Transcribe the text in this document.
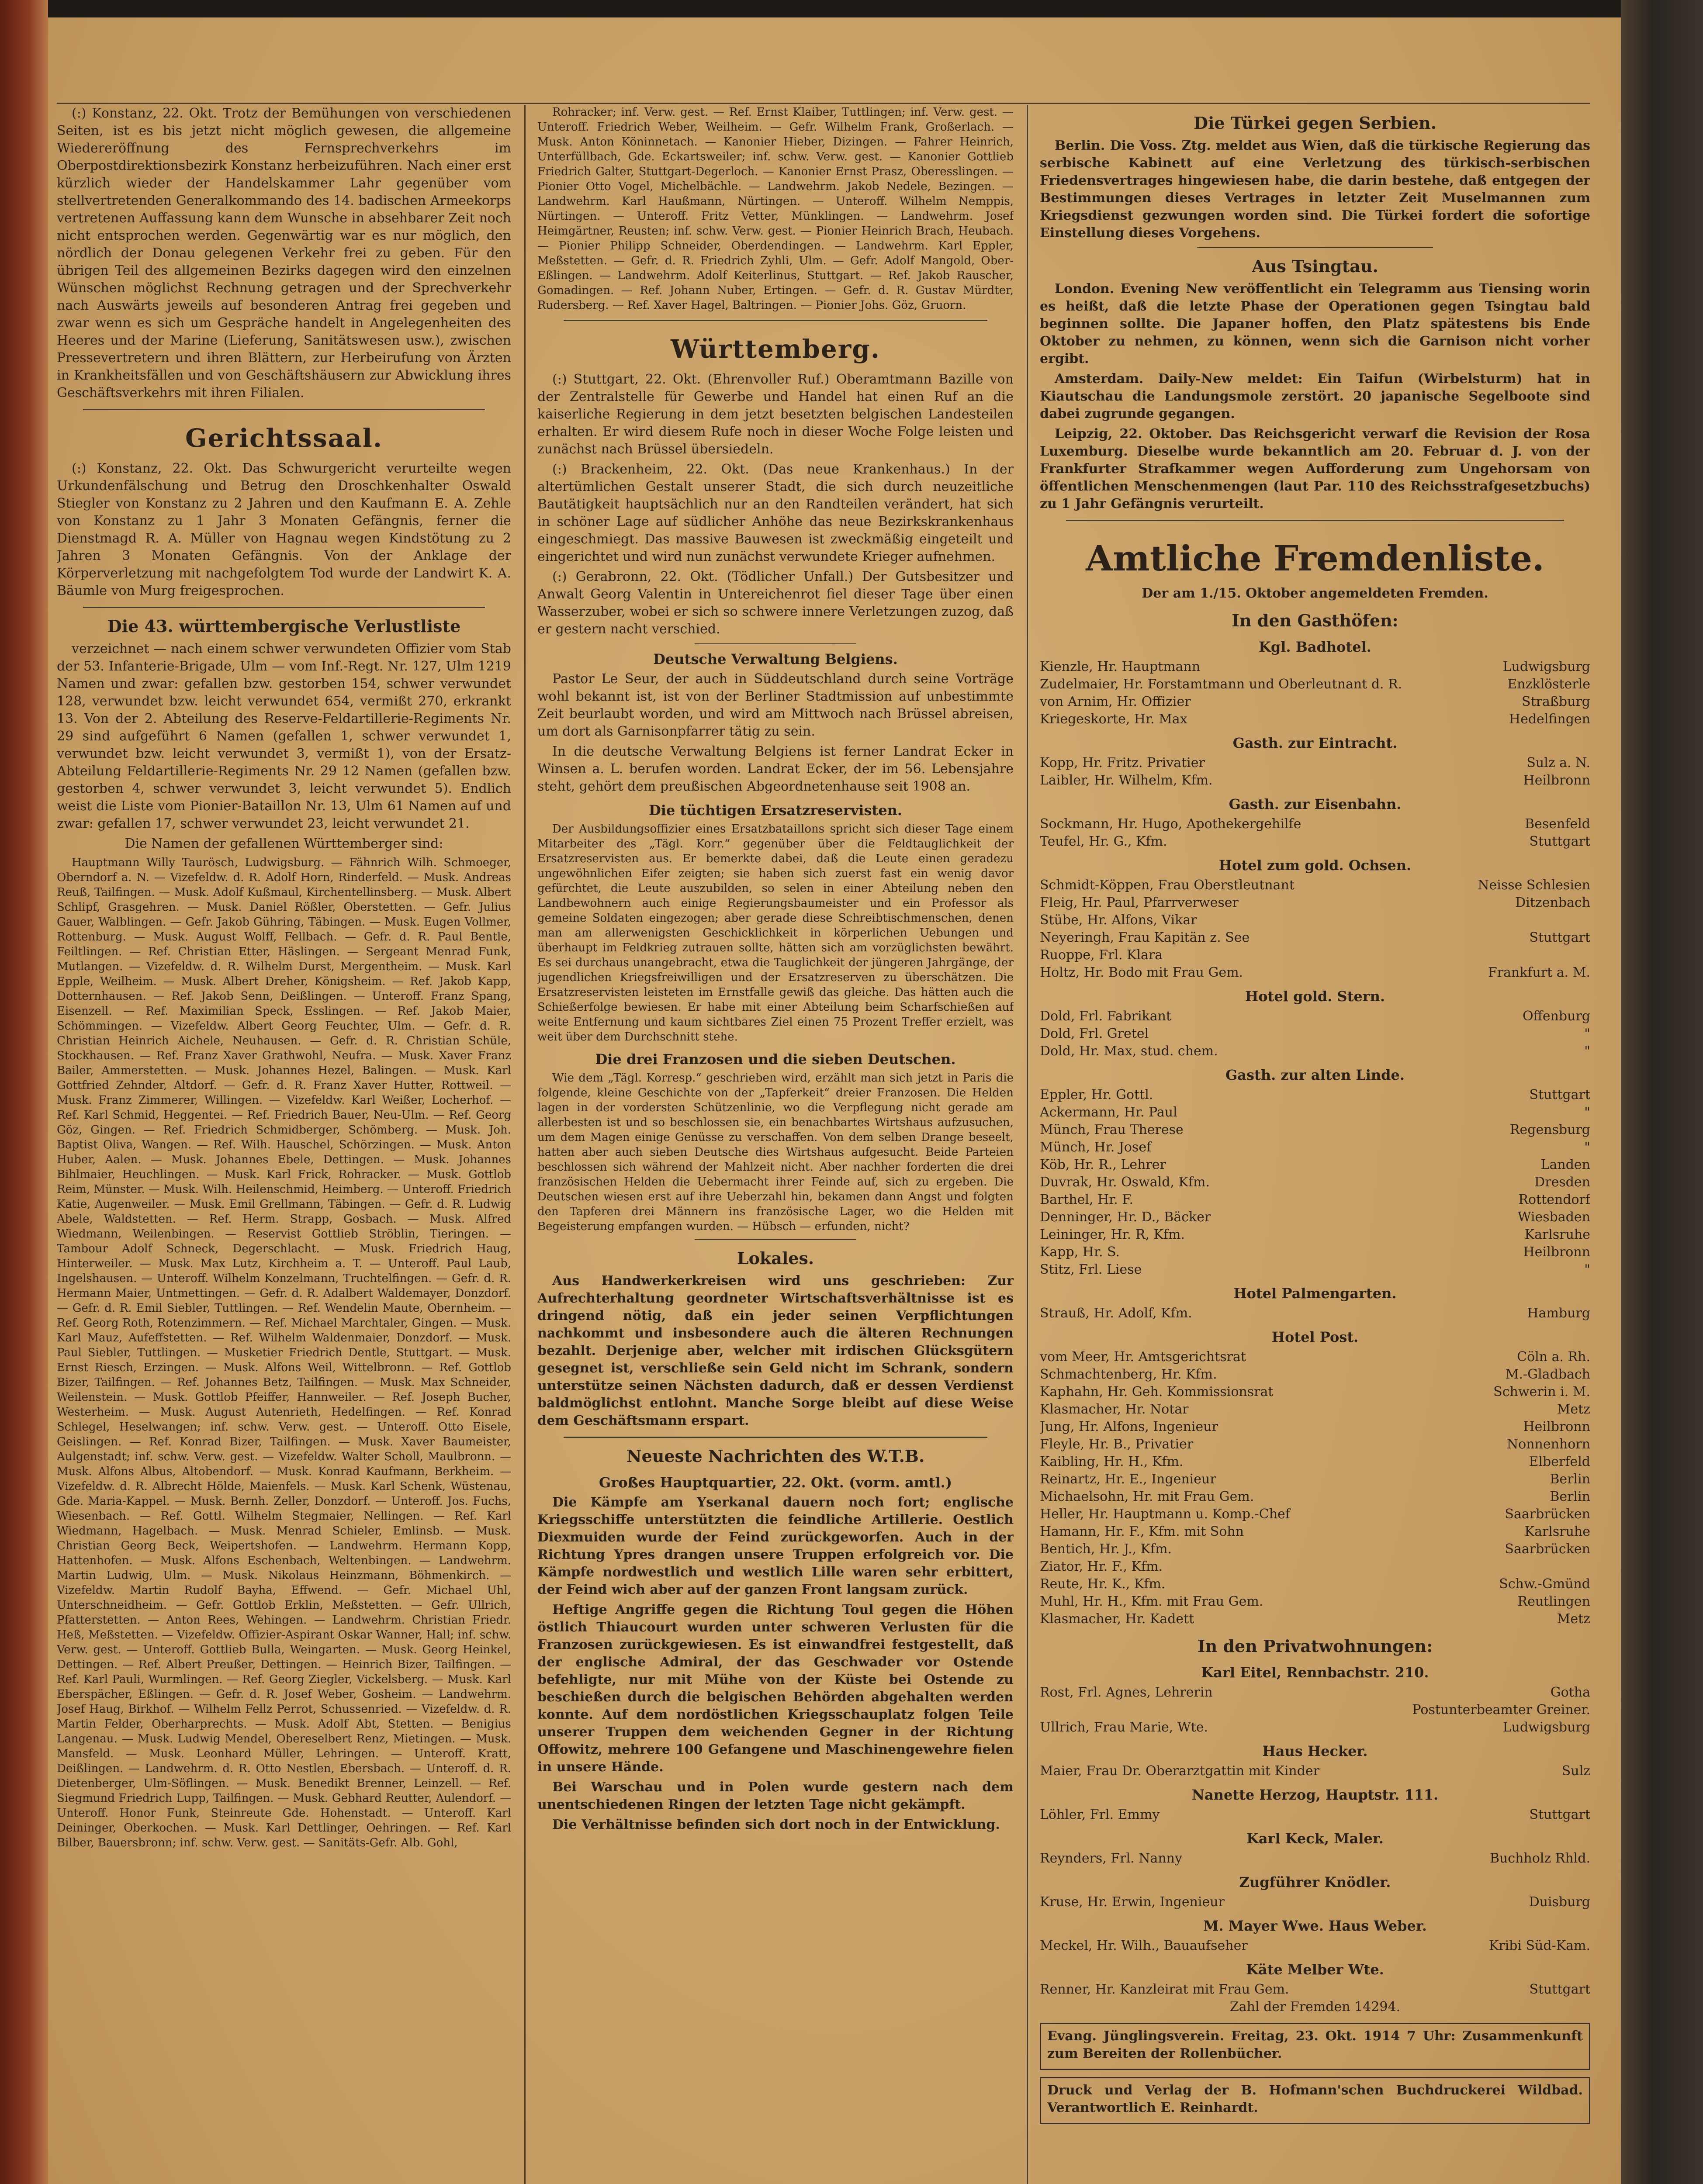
(:) Konstanz, 22. Okt. Trotz der Bemühungen von verschiedenen Seiten, ist es bis jetzt nicht möglich gewesen, die allgemeine Wiedereröffnung des Fernsprechverkehrs im Oberpostdirektionsbezirk Konstanz herbeizuführen. Nach einer erst kürzlich wieder der Handelskammer Lahr gegenüber vom stellvertretenden Generalkommando des 14. badischen Armeekorps vertretenen Auffassung kann dem Wunsche in absehbarer Zeit noch nicht entsprochen werden. Gegenwärtig war es nur möglich, den nördlich der Donau gelegenen Verkehr frei zu geben. Für den übrigen Teil des allgemeinen Bezirks dagegen wird den einzelnen Wünschen möglichst Rechnung getragen und der Sprechverkehr nach Auswärts jeweils auf besonderen Antrag frei gegeben und zwar wenn es sich um Gespräche handelt in Angelegenheiten des Heeres und der Marine (Lieferung, Sanitätswesen usw.), zwischen Pressevertretern und ihren Blättern, zur Herbeirufung von Ärzten in Krankheitsfällen und von Geschäftshäusern zur Abwicklung ihres Geschäftsverkehrs mit ihren Filialen.

Gerichtssaal.

(:) Konstanz, 22. Okt. Das Schwurgericht verurteilte wegen Urkundenfälschung und Betrug den Droschkenhalter Oswald Stiegler von Konstanz zu 2 Jahren und den Kaufmann E. A. Zehle von Konstanz zu 1 Jahr 3 Monaten Gefängnis, ferner die Dienstmagd R. A. Müller von Hagnau wegen Kindstötung zu 2 Jahren 3 Monaten Gefängnis. Von der Anklage der Körperverletzung mit nachgefolgtem Tod wurde der Landwirt K. A. Bäumle von Murg freigesprochen.

Die 43. württembergische Verlustliste

verzeichnet — nach einem schwer verwundeten Offizier vom Stab der 53. Infanterie-Brigade, Ulm — vom Inf.-Regt. Nr. 127, Ulm 1219 Namen und zwar: gefallen bzw. gestorben 154, schwer verwundet 128, verwundet bzw. leicht verwundet 654, vermißt 270, erkrankt 13. Von der 2. Abteilung des Reserve-Feldartillerie-Regiments Nr. 29 sind aufgeführt 6 Namen (gefallen 1, schwer verwundet 1, verwundet bzw. leicht verwundet 3, vermißt 1), von der Ersatz-Abteilung Feldartillerie-Regiments Nr. 29 12 Namen (gefallen bzw. gestorben 4, schwer verwundet 3, leicht verwundet 5). Endlich weist die Liste vom Pionier-Bataillon Nr. 13, Ulm 61 Namen auf und zwar: gefallen 17, schwer verwundet 23, leicht verwundet 21.

Die Namen der gefallenen Württemberger sind:

Hauptmann Willy Taurösch, Ludwigsburg. — Fähnrich Wilh. Schmoeger, Oberndorf a. N. — Vizefeldw. d. R. Adolf Horn, Rinderfeld. — Musk. Andreas Reuß, Tailfingen. — Musk. Adolf Kußmaul, Kirchentellinsberg. — Musk. Albert Schlipf, Grasgehren. — Musk. Daniel Rößler, Oberstetten. — Gefr. Julius Gauer, Walblingen. — Gefr. Jakob Gühring, Täbingen. — Musk. Eugen Vollmer, Rottenburg. — Musk. August Wolff, Fellbach. — Gefr. d. R. Paul Bentle, Feiltlingen. — Ref. Christian Etter, Häslingen. — Sergeant Menrad Funk, Mutlangen. — Vizefeldw. d. R. Wilhelm Durst, Mergentheim. — Musk. Karl Epple, Weilheim. — Musk. Albert Dreher, Königsheim. — Ref. Jakob Kapp, Dotternhausen. — Ref. Jakob Senn, Deißlingen. — Unteroff. Franz Spang, Eisenzell. — Ref. Maximilian Speck, Esslingen. — Ref. Jakob Maier, Schömmingen. — Vizefeldw. Albert Georg Feuchter, Ulm. — Gefr. d. R. Christian Heinrich Aichele, Neuhausen. — Gefr. d. R. Christian Schüle, Stockhausen. — Ref. Franz Xaver Grathwohl, Neufra. — Musk. Xaver Franz Bailer, Ammerstetten. — Musk. Johannes Hezel, Balingen. — Musk. Karl Gottfried Zehnder, Altdorf. — Gefr. d. R. Franz Xaver Hutter, Rottweil. — Musk. Franz Zimmerer, Willingen. — Vizefeldw. Karl Weißer, Locherhof. — Ref. Karl Schmid, Heggentei. — Ref. Friedrich Bauer, Neu-Ulm. — Ref. Georg Göz, Gingen. — Ref. Friedrich Schmidberger, Schömberg. — Musk. Joh. Baptist Oliva, Wangen. — Ref. Wilh. Hauschel, Schörzingen. — Musk. Anton Huber, Aalen. — Musk. Johannes Ebele, Dettingen. — Musk. Johannes Bihlmaier, Heuchlingen. — Musk. Karl Frick, Rohracker. — Musk. Gottlob Reim, Münster. — Musk. Wilh. Heilenschmid, Heimberg. — Unteroff. Friedrich Katie, Augenweiler. — Musk. Emil Grellmann, Täbingen. — Gefr. d. R. Ludwig Abele, Waldstetten. — Ref. Herm. Strapp, Gosbach. — Musk. Alfred Wiedmann, Weilenbingen. — Reservist Gottlieb Ströblin, Tieringen. — Tambour Adolf Schneck, Degerschlacht. — Musk. Friedrich Haug, Hinterweiler. — Musk. Max Lutz, Kirchheim a. T. — Unteroff. Paul Laub, Ingelshausen. — Unteroff. Wilhelm Konzelmann, Truchtelfingen. — Gefr. d. R. Hermann Maier, Untmettingen. — Gefr. d. R. Adalbert Waldemayer, Donzdorf. — Gefr. d. R. Emil Siebler, Tuttlingen. — Ref. Wendelin Maute, Obernheim. — Ref. Georg Roth, Rotenzimmern. — Ref. Michael Marchtaler, Gingen. — Musk. Karl Mauz, Aufeffstetten. — Ref. Wilhelm Waldenmaier, Donzdorf. — Musk. Paul Siebler, Tuttlingen. — Musketier Friedrich Dentle, Stuttgart. — Musk. Ernst Riesch, Erzingen. — Musk. Alfons Weil, Wittelbronn. — Ref. Gottlob Bizer, Tailfingen. — Ref. Johannes Betz, Tailfingen. — Musk. Max Schneider, Weilenstein. — Musk. Gottlob Pfeiffer, Hannweiler. — Ref. Joseph Bucher, Westerheim. — Musk. August Autenrieth, Hedelfingen. — Ref. Konrad Schlegel, Heselwangen; inf. schw. Verw. gest. — Unteroff. Otto Eisele, Geislingen. — Ref. Konrad Bizer, Tailfingen. — Musk. Xaver Baumeister, Aulgenstadt; inf. schw. Verw. gest. — Vizefeldw. Walter Scholl, Maulbronn. — Musk. Alfons Albus, Altobendorf. — Musk. Konrad Kaufmann, Berkheim. — Vizefeldw. d. R. Albrecht Hölde, Maienfels. — Musk. Karl Schenk, Wüstenau, Gde. Maria-Kappel. — Musk. Bernh. Zeller, Donzdorf. — Unteroff. Jos. Fuchs, Wiesenbach. — Ref. Gottl. Wilhelm Stegmaier, Nellingen. — Ref. Karl Wiedmann, Hagelbach. — Musk. Menrad Schieler, Emlinsb. — Musk. Christian Georg Beck, Weipertshofen. — Landwehrm. Hermann Kopp, Hattenhofen. — Musk. Alfons Eschenbach, Weltenbingen. — Landwehrm. Martin Ludwig, Ulm. — Musk. Nikolaus Heinzmann, Böhmenkirch. — Vizefeldw. Martin Rudolf Bayha, Effwend. — Gefr. Michael Uhl, Unterschneidheim. — Gefr. Gottlob Erklin, Meßstetten. — Gefr. Ullrich, Pfatterstetten. — Anton Rees, Wehingen. — Landwehrm. Christian Friedr. Heß, Meßstetten. — Vizefeldw. Offizier-Aspirant Oskar Wanner, Hall; inf. schw. Verw. gest. — Unteroff. Gottlieb Bulla, Weingarten. — Musk. Georg Heinkel, Dettingen. — Ref. Albert Preußer, Dettingen. — Heinrich Bizer, Tailfingen. — Ref. Karl Pauli, Wurmlingen. — Ref. Georg Ziegler, Vickelsberg. — Musk. Karl Eberspächer, Eßlingen. — Gefr. d. R. Josef Weber, Gosheim. — Landwehrm. Josef Haug, Birkhof. — Wilhelm Fellz Perrot, Schussenried. — Vizefeldw. d. R. Martin Felder, Oberharprechts. — Musk. Adolf Abt, Stetten. — Benigius Langenau. — Musk. Ludwig Mendel, Obereselbert Renz, Mietingen. — Musk. Mansfeld. — Musk. Leonhard Müller, Lehringen. — Unteroff. Kratt, Deißlingen. — Landwehrm. d. R. Otto Nestlen, Ebersbach. — Unteroff. d. R. Dietenberger, Ulm-Söflingen. — Musk. Benedikt Brenner, Leinzell. — Ref. Siegmund Friedrich Lupp, Tailfingen. — Musk. Gebhard Reutter, Aulendorf. — Unteroff. Honor Funk, Steinreute Gde. Hohenstadt. — Unteroff. Karl Deininger, Oberkochen. — Musk. Karl Dettlinger, Oehringen. — Ref. Karl Bilber, Bauersbronn; inf. schw. Verw. gest. — Sanitäts-Gefr. Alb. Gohl,

Rohracker; inf. Verw. gest. — Ref. Ernst Klaiber, Tuttlingen; inf. Verw. gest. — Unteroff. Friedrich Weber, Weilheim. — Gefr. Wilhelm Frank, Großerlach. — Musk. Anton Köninnetach. — Kanonier Hieber, Dizingen. — Fahrer Heinrich, Unterfüllbach, Gde. Eckartsweiler; inf. schw. Verw. gest. — Kanonier Gottlieb Friedrich Galter, Stuttgart-Degerloch. — Kanonier Ernst Prasz, Oberesslingen. — Pionier Otto Vogel, Michelbächle. — Landwehrm. Jakob Nedele, Bezingen. — Landwehrm. Karl Haußmann, Nürtingen. — Unteroff. Wilhelm Nemppis, Nürtingen. — Unteroff. Fritz Vetter, Münklingen. — Landwehrm. Josef Heimgärtner, Reusten; inf. schw. Verw. gest. — Pionier Heinrich Brach, Heubach. — Pionier Philipp Schneider, Oberdendingen. — Landwehrm. Karl Eppler, Meßstetten. — Gefr. d. R. Friedrich Zyhli, Ulm. — Gefr. Adolf Mangold, Ober-Eßlingen. — Landwehrm. Adolf Keiterlinus, Stuttgart. — Ref. Jakob Rauscher, Gomadingen. — Ref. Johann Nuber, Ertingen. — Gefr. d. R. Gustav Mürdter, Rudersberg. — Ref. Xaver Hagel, Baltringen. — Pionier Johs. Göz, Gruorn.

Württemberg.

(:) Stuttgart, 22. Okt. (Ehrenvoller Ruf.) Oberamtmann Bazille von der Zentralstelle für Gewerbe und Handel hat einen Ruf an die kaiserliche Regierung in dem jetzt besetzten belgischen Landesteilen erhalten. Er wird diesem Rufe noch in dieser Woche Folge leisten und zunächst nach Brüssel übersiedeln.

(:) Brackenheim, 22. Okt. (Das neue Krankenhaus.) In der altertümlichen Gestalt unserer Stadt, die sich durch neuzeitliche Bautätigkeit hauptsächlich nur an den Randteilen verändert, hat sich in schöner Lage auf südlicher Anhöhe das neue Bezirkskrankenhaus eingeschmiegt. Das massive Bauwesen ist zweckmäßig eingeteilt und eingerichtet und wird nun zunächst verwundete Krieger aufnehmen.

(:) Gerabronn, 22. Okt. (Tödlicher Unfall.) Der Gutsbesitzer und Anwalt Georg Valentin in Untereichenrot fiel dieser Tage über einen Wasserzuber, wobei er sich so schwere innere Verletzungen zuzog, daß er gestern nacht verschied.

Deutsche Verwaltung Belgiens.

Pastor Le Seur, der auch in Süddeutschland durch seine Vorträge wohl bekannt ist, ist von der Berliner Stadtmission auf unbestimmte Zeit beurlaubt worden, und wird am Mittwoch nach Brüssel abreisen, um dort als Garnisonpfarrer tätig zu sein.

In die deutsche Verwaltung Belgiens ist ferner Landrat Ecker in Winsen a. L. berufen worden. Landrat Ecker, der im 56. Lebensjahre steht, gehört dem preußischen Abgeordnetenhause seit 1908 an.

Die tüchtigen Ersatzreservisten.

Der Ausbildungsoffizier eines Ersatzbataillons spricht sich dieser Tage einem Mitarbeiter des „Tägl. Korr.“ gegenüber über die Feldtauglichkeit der Ersatzreservisten aus. Er bemerkte dabei, daß die Leute einen geradezu ungewöhnlichen Eifer zeigten; sie haben sich zuerst fast ein wenig davor gefürchtet, die Leute auszubilden, so selen in einer Abteilung neben den Landbewohnern auch einige Regierungsbaumeister und ein Professor als gemeine Soldaten eingezogen; aber gerade diese Schreibtischmenschen, denen man am allerwenigsten Geschicklichkeit in körperlichen Uebungen und überhaupt im Feldkrieg zutrauen sollte, hätten sich am vorzüglichsten bewährt. Es sei durchaus unangebracht, etwa die Tauglichkeit der jüngeren Jahrgänge, der jugendlichen Kriegsfreiwilligen und der Ersatzreserven zu überschätzen. Die Ersatzreservisten leisteten im Ernstfalle gewiß das gleiche. Das hätten auch die Schießerfolge bewiesen. Er habe mit einer Abteilung beim Scharfschießen auf weite Entfernung und kaum sichtbares Ziel einen 75 Prozent Treffer erzielt, was weit über dem Durchschnitt stehe.

Die drei Franzosen und die sieben Deutschen.

Wie dem „Tägl. Korresp.“ geschrieben wird, erzählt man sich jetzt in Paris die folgende, kleine Geschichte von der „Tapferkeit“ dreier Franzosen. Die Helden lagen in der vordersten Schützenlinie, wo die Verpflegung nicht gerade am allerbesten ist und so beschlossen sie, ein benachbartes Wirtshaus aufzusuchen, um dem Magen einige Genüsse zu verschaffen. Von dem selben Drange beseelt, hatten aber auch sieben Deutsche dies Wirtshaus aufgesucht. Beide Parteien beschlossen sich während der Mahlzeit nicht. Aber nachher forderten die drei französischen Helden die Uebermacht ihrer Feinde auf, sich zu ergeben. Die Deutschen wiesen erst auf ihre Ueberzahl hin, bekamen dann Angst und folgten den Tapferen drei Männern ins französische Lager, wo die Helden mit Begeisterung empfangen wurden. — Hübsch — erfunden, nicht?

Lokales.

Aus Handwerkerkreisen wird uns geschrieben: Zur Aufrechterhaltung geordneter Wirtschaftsverhältnisse ist es dringend nötig, daß ein jeder seinen Verpflichtungen nachkommt und insbesondere auch die älteren Rechnungen bezahlt. Derjenige aber, welcher mit irdischen Glücksgütern gesegnet ist, verschließe sein Geld nicht im Schrank, sondern unterstütze seinen Nächsten dadurch, daß er dessen Verdienst baldmöglichst entlohnt. Manche Sorge bleibt auf diese Weise dem Geschäftsmann erspart.

Neueste Nachrichten des W.T.B.
Großes Hauptquartier, 22. Okt. (vorm. amtl.)

Die Kämpfe am Yserkanal dauern noch fort; englische Kriegsschiffe unterstützten die feindliche Artillerie. Oestlich Diexmuiden wurde der Feind zurückgeworfen. Auch in der Richtung Ypres drangen unsere Truppen erfolgreich vor. Die Kämpfe nordwestlich und westlich Lille waren sehr erbittert, der Feind wich aber auf der ganzen Front langsam zurück.

Heftige Angriffe gegen die Richtung Toul gegen die Höhen östlich Thiaucourt wurden unter schweren Verlusten für die Franzosen zurückgewiesen. Es ist einwandfrei festgestellt, daß der englische Admiral, der das Geschwader vor Ostende befehligte, nur mit Mühe von der Küste bei Ostende zu beschießen durch die belgischen Behörden abgehalten werden konnte. Auf dem nordöstlichen Kriegsschauplatz folgen Teile unserer Truppen dem weichenden Gegner in der Richtung Offowitz, mehrere 100 Gefangene und Maschinengewehre fielen in unsere Hände.

Bei Warschau und in Polen wurde gestern nach dem unentschiedenen Ringen der letzten Tage nicht gekämpft.

Die Verhältnisse befinden sich dort noch in der Entwicklung.

Die Türkei gegen Serbien.

Berlin. Die Voss. Ztg. meldet aus Wien, daß die türkische Regierung das serbische Kabinett auf eine Verletzung des türkisch-serbischen Friedensvertrages hingewiesen habe, die darin bestehe, daß entgegen der Bestimmungen dieses Vertrages in letzter Zeit Muselmannen zum Kriegsdienst gezwungen worden sind. Die Türkei fordert die sofortige Einstellung dieses Vorgehens.

Aus Tsingtau.

London. Evening New veröffentlicht ein Telegramm aus Tiensing worin es heißt, daß die letzte Phase der Operationen gegen Tsingtau bald beginnen sollte. Die Japaner hoffen, den Platz spätestens bis Ende Oktober zu nehmen, zu können, wenn sich die Garnison nicht vorher ergibt.

Amsterdam. Daily-New meldet: Ein Taifun (Wirbelsturm) hat in Kiautschau die Landungsmole zerstört. 20 japanische Segelboote sind dabei zugrunde gegangen.

Leipzig, 22. Oktober. Das Reichsgericht verwarf die Revision der Rosa Luxemburg. Dieselbe wurde bekanntlich am 20. Februar d. J. von der Frankfurter Strafkammer wegen Aufforderung zum Ungehorsam von öffentlichen Menschenmengen (laut Par. 110 des Reichsstrafgesetzbuchs) zu 1 Jahr Gefängnis verurteilt.

Amtliche Fremdenliste.

Der am 1./15. Oktober angemeldeten Fremden.

In den Gasthöfen:
Kgl. Badhotel.
Kienzle, Hr. Hauptmann	Ludwigsburg
Zudelmaier, Hr. Forstamtmann und Oberleutnant d. R.	Enzklösterle
von Arnim, Hr. Offizier	Straßburg
Kriegeskorte, Hr. Max	Hedelfingen
Gasth. zur Eintracht.
Kopp, Hr. Fritz. Privatier	Sulz a. N.
Laibler, Hr. Wilhelm, Kfm.	Heilbronn
Gasth. zur Eisenbahn.
Sockmann, Hr. Hugo, Apothekergehilfe	Besenfeld
Teufel, Hr. G., Kfm.	Stuttgart
Hotel zum gold. Ochsen.
Schmidt-Köppen, Frau Oberstleutnant	Neisse Schlesien
Fleig, Hr. Paul, Pfarrverweser	Ditzenbach
Stübe, Hr. Alfons, Vikar
Neyeringh, Frau Kapitän z. See	Stuttgart
Ruoppe, Frl. Klara
Holtz, Hr. Bodo mit Frau Gem.	Frankfurt a. M.
Hotel gold. Stern.
Dold, Frl. Fabrikant	Offenburg
Dold, Frl. Gretel	"
Dold, Hr. Max, stud. chem.	"
Gasth. zur alten Linde.
Eppler, Hr. Gottl.	Stuttgart
Ackermann, Hr. Paul	"
Münch, Frau Therese	Regensburg
Münch, Hr. Josef	"
Köb, Hr. R., Lehrer	Landen
Duvrak, Hr. Oswald, Kfm.	Dresden
Barthel, Hr. F.	Rottendorf
Denninger, Hr. D., Bäcker	Wiesbaden
Leininger, Hr. R, Kfm.	Karlsruhe
Kapp, Hr. S.	Heilbronn
Stitz, Frl. Liese	"
Hotel Palmengarten.
Strauß, Hr. Adolf, Kfm.	Hamburg
Hotel Post.
vom Meer, Hr. Amtsgerichtsrat	Cöln a. Rh.
Schmachtenberg, Hr. Kfm.	M.-Gladbach
Kaphahn, Hr. Geh. Kommissionsrat	Schwerin i. M.
Klasmacher, Hr. Notar	Metz
Jung, Hr. Alfons, Ingenieur	Heilbronn
Fleyle, Hr. B., Privatier	Nonnenhorn
Kaibling, Hr. H., Kfm.	Elberfeld
Reinartz, Hr. E., Ingenieur	Berlin
Michaelsohn, Hr. mit Frau Gem.	Berlin
Heller, Hr. Hauptmann u. Komp.-Chef	Saarbrücken
Hamann, Hr. F., Kfm. mit Sohn	Karlsruhe
Bentich, Hr. J., Kfm.	Saarbrücken
Ziator, Hr. F., Kfm.
Reute, Hr. K., Kfm.	Schw.-Gmünd
Muhl, Hr. H., Kfm. mit Frau Gem.	Reutlingen
Klasmacher, Hr. Kadett	Metz
In den Privatwohnungen:
Karl Eitel, Rennbachstr. 210.
Rost, Frl. Agnes, Lehrerin	Gotha
Postunterbeamter Greiner.
Ullrich, Frau Marie, Wte.	Ludwigsburg
Haus Hecker.
Maier, Frau Dr. Oberarztgattin mit Kinder	Sulz
Nanette Herzog, Hauptstr. 111.
Löhler, Frl. Emmy	Stuttgart
Karl Keck, Maler.
Reynders, Frl. Nanny	Buchholz Rhld.
Zugführer Knödler.
Kruse, Hr. Erwin, Ingenieur	Duisburg
M. Mayer Wwe. Haus Weber.
Meckel, Hr. Wilh., Bauaufseher	Kribi Süd-Kam.
Käte Melber Wte.
Renner, Hr. Kanzleirat mit Frau Gem.	Stuttgart

Zahl der Fremden 14294.

Evang. Jünglingsverein. Freitag, 23. Okt. 1914 7 Uhr: Zusammenkunft zum Bereiten der Rollenbücher.

Druck und Verlag der B. Hofmann'schen Buchdruckerei Wildbad. Verantwortlich E. Reinhardt.
